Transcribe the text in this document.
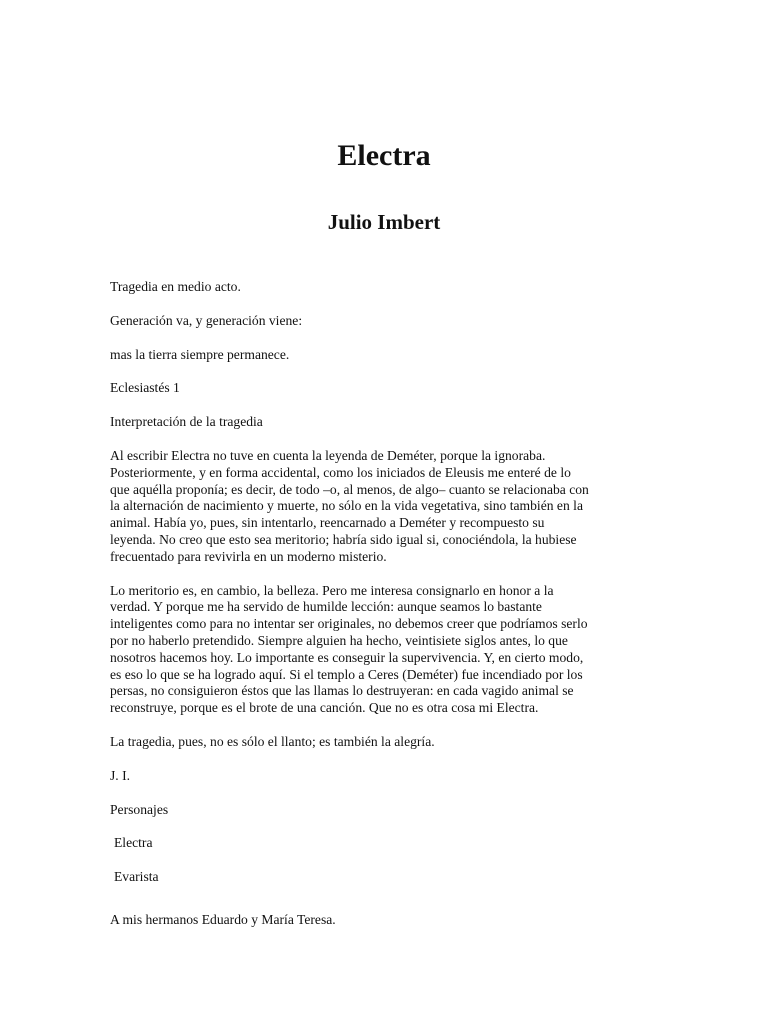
Electra
Julio Imbert

Tragedia en medio acto.

Generación va, y generación viene:

mas la tierra siempre permanece.

Eclesiastés 1

Interpretación de la tragedia

Al escribir Electra no tuve en cuenta la leyenda de Deméter, porque la ignoraba.
Posteriormente, y en forma accidental, como los iniciados de Eleusis me enteré de lo
que aquélla proponía; es decir, de todo –o, al menos, de algo– cuanto se relacionaba con
la alternación de nacimiento y muerte, no sólo en la vida vegetativa, sino también en la
animal. Había yo, pues, sin intentarlo, reencarnado a Deméter y recompuesto su
leyenda. No creo que esto sea meritorio; habría sido igual si, conociéndola, la hubiese
frecuentado para revivirla en un moderno misterio.

Lo meritorio es, en cambio, la belleza. Pero me interesa consignarlo en honor a la
verdad. Y porque me ha servido de humilde lección: aunque seamos lo bastante
inteligentes como para no intentar ser originales, no debemos creer que podríamos serlo
por no haberlo pretendido. Siempre alguien ha hecho, veintisiete siglos antes, lo que
nosotros hacemos hoy. Lo importante es conseguir la supervivencia. Y, en cierto modo,
es eso lo que se ha logrado aquí. Si el templo a Ceres (Deméter) fue incendiado por los
persas, no consiguieron éstos que las llamas lo destruyeran: en cada vagido animal se
reconstruye, porque es el brote de una canción. Que no es otra cosa mi Electra.

La tragedia, pues, no es sólo el llanto; es también la alegría.

J. I.

Personajes

Electra

Evarista

A mis hermanos Eduardo y María Teresa.
